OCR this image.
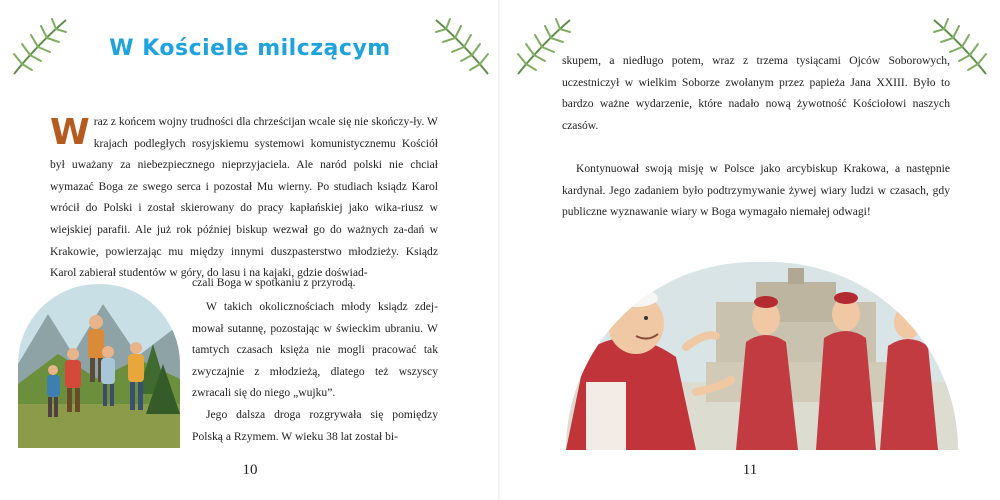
W Kościele milczącym
W raz z końcem wojny trudności dla chrześcijan wcale się nie skończy-ły. W krajach podległych rosyjskiemu systemowi komunistycznemu Kościół był uważany za niebezpiecznego nieprzyjaciela. Ale naród polski nie chciał wymazać Boga ze swego serca i pozostał Mu wierny. Po studiach ksiądz Karol wrócił do Polski i został skierowany do pracy kapłańskiej jako wika-riusz w wiejskiej parafii. Ale już rok później biskup wezwał go do ważnych za-dań w Krakowie, powierzając mu między innymi duszpasterstwo młodzieży. Ksiądz Karol zabierał studentów w góry, do lasu i na kajaki, gdzie doświad-
czali Boga w spotkaniu z przyrodą.
W takich okolicznościach młody ksiądz zdej-mował sutannę, pozostając w świeckim ubraniu. W tamtych czasach księża nie mogli pracować tak zwyczajnie z młodzieżą, dlatego też wszyscy zwracali się do niego „wujku”.
Jego dalsza droga rozgrywała się pomiędzy Polską a Rzymem. W wieku 38 lat został bi-
10
skupem, a niedługo potem, wraz z trzema tysiącami Ojców Soborowych, uczestniczył w wielkim Soborze zwołanym przez papieża Jana XXIII. Było to bardzo ważne wydarzenie, które nadało nową żywotność Kościołowi naszych czasów.
Kontynuował swoją misję w Polsce jako arcybiskup Krakowa, a następnie kardynał. Jego zadaniem było podtrzymywanie żywej wiary ludzi w czasach, gdy publiczne wyznawanie wiary w Boga wymagało niemałej odwagi!
11
